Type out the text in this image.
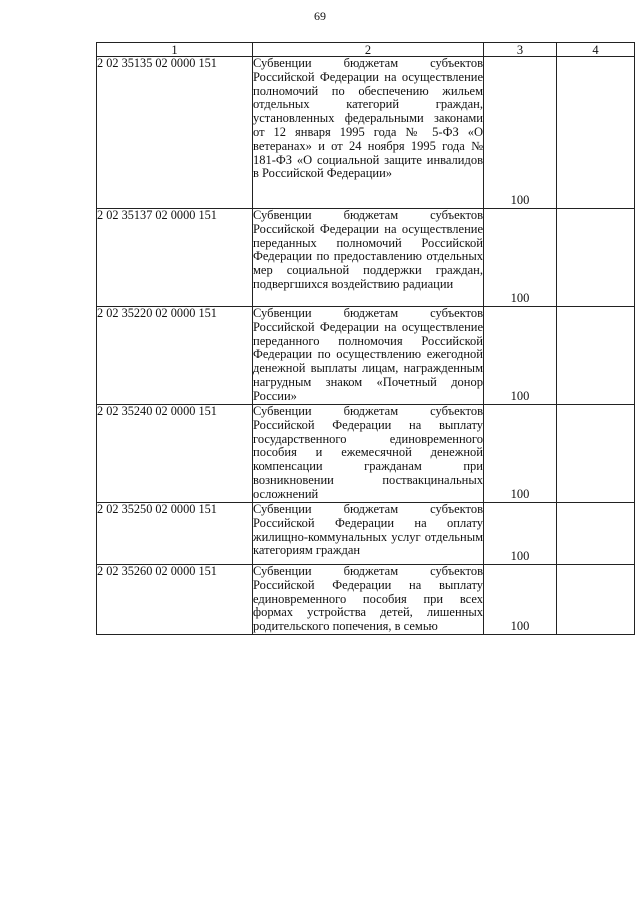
69
1	2	3	4
2 02 35135 02 0000 151	Субвенции бюджетам субъектов Российской Федерации на осуществление полномочий по обеспечению жильем отдельных категорий граждан, установленных федеральными законами от 12 января 1995 года № 5-ФЗ «О ветеранах» и от 24 ноября 1995 года № 181-ФЗ «О социальной защите инвалидов в Российской Федерации»	100	
2 02 35137 02 0000 151	Субвенции бюджетам субъектов Российской Федерации на осуществление переданных полномочий Российской Федерации по предоставлению отдельных мер социальной поддержки граждан, подвергшихся воздействию радиации	100	
2 02 35220 02 0000 151	Субвенции бюджетам субъектов Российской Федерации на осуществление переданного полномочия Российской Федерации по осуществлению ежегодной денежной выплаты лицам, награжденным нагрудным знаком «Почетный донор России»	100	
2 02 35240 02 0000 151	Субвенции бюджетам субъектов Российской Федерации на выплату государственного единовременного пособия и ежемесячной денежной компенсации гражданам при возникновении поствакцинальных осложнений	100	
2 02 35250 02 0000 151	Субвенции бюджетам субъектов Российской Федерации на оплату жилищно-коммунальных услуг отдельным категориям граждан	100	
2 02 35260 02 0000 151	Субвенции бюджетам субъектов Российской Федерации на выплату единовременного пособия при всех формах устройства детей, лишенных родительского попечения, в семью	100	
